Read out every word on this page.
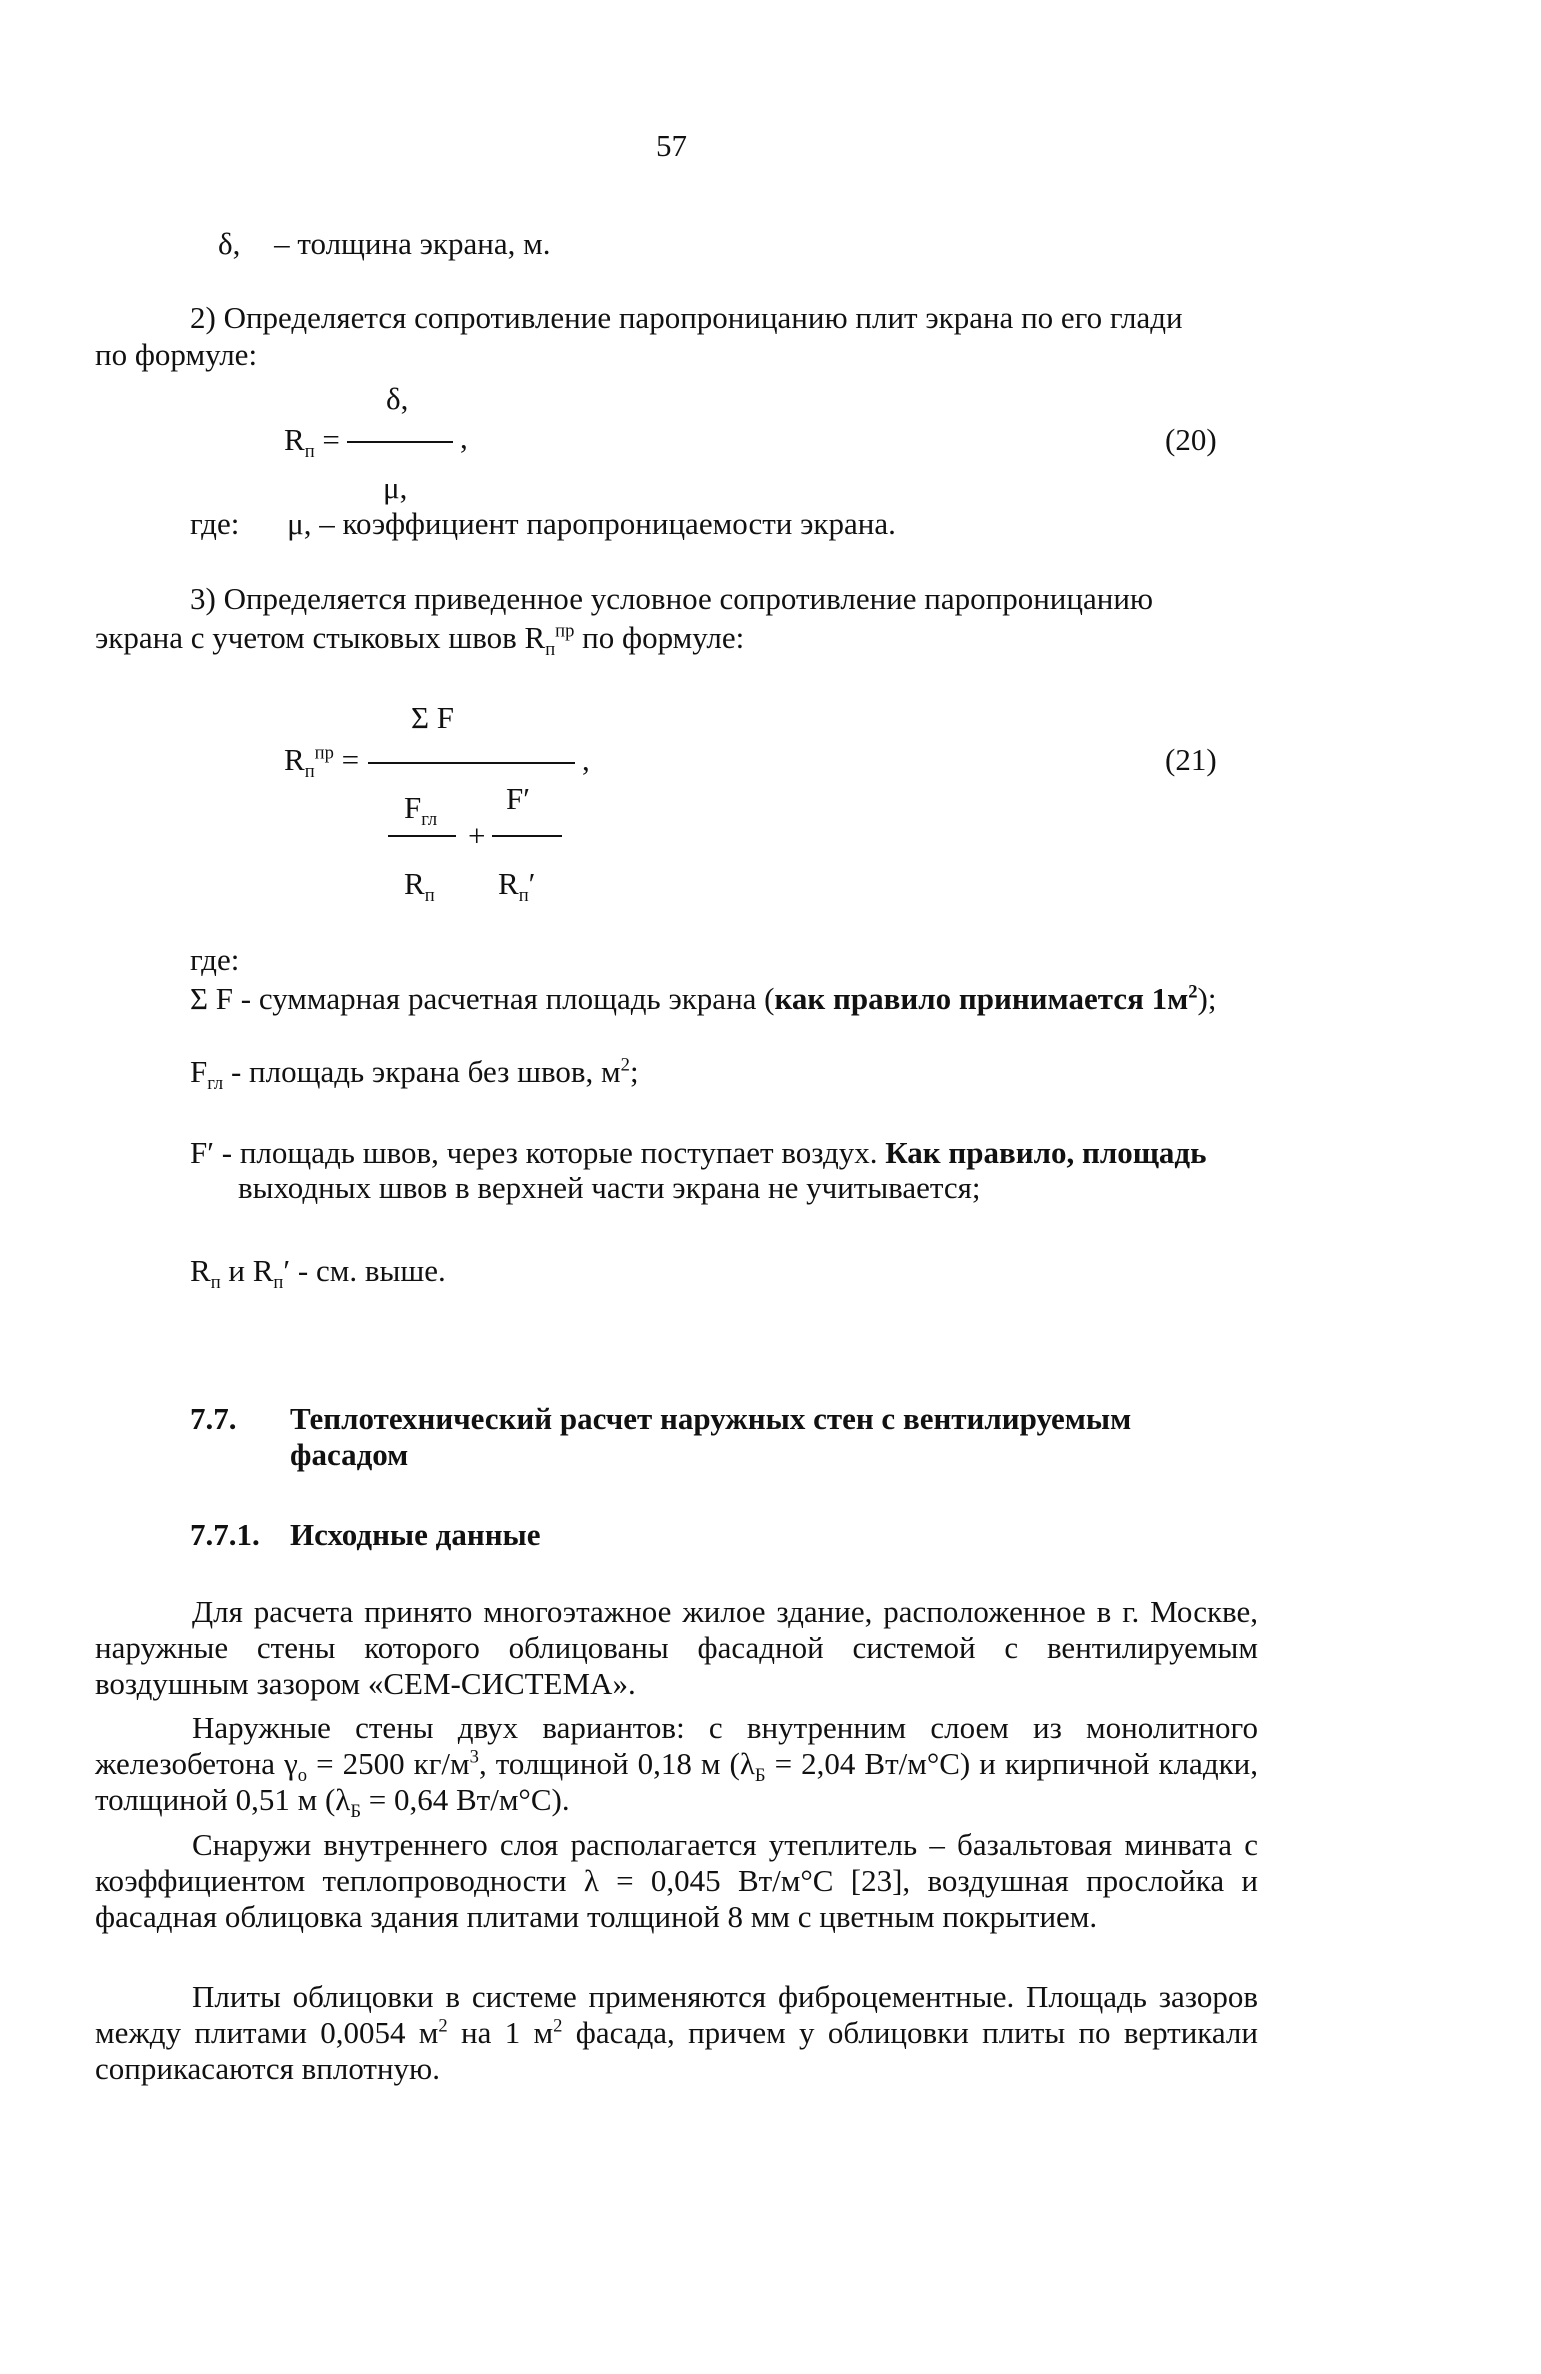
57
δ, – толщина экрана, м.
2) Определяется сопротивление паропроницанию плит экрана по его глади
по формуле:
δ,
$R_п$ =	,
μ,
(20)
где: μ, – коэффициент паропроницаемости экрана.
3) Определяется приведенное условное сопротивление паропроницанию
экрана с учетом стыковых швов $R_п^{пр}$ по формуле:
Σ F
$R_п^{пр}$ =	,	(21)
$F_{гл}$
F′
+
$R_п$ $R_п'$
где:
Σ F - суммарная расчетная площадь экрана (как правило принимается $1м^2$);
$F_{гл}$ - площадь экрана без швов, $м^2$;
F′ - площадь швов, через которые поступает воздух. Как правило, площадь
выходных швов в верхней части экрана не учитывается;
$R_п$ и $R_п'$ - см. выше.
7.7. Теплотехнический расчет наружных стен с вентилируемым
фасадом
7.7.1. Исходные данные
Для расчета принято многоэтажное жилое здание, расположенное в г. Москве, наружные стены которого облицованы фасадной системой с вентилируемым воздушным зазором «СЕМ-СИСТЕМА».
Наружные стены двух вариантов: с внутренним слоем из монолитного железобетона $\gamma_о = 2500$ $кг/м^3$, толщиной 0,18 м ($\lambda_Б = 2,04$ Вт/м°С) и кирпичной кладки, толщиной 0,51 м ($\lambda_Б = 0,64$ Вт/м°С).
Снаружи внутреннего слоя располагается утеплитель – базальтовая минвата с коэффициентом теплопроводности λ = 0,045 Вт/м°С [23], воздушная прослойка и фасадная облицовка здания плитами толщиной 8 мм с цветным покрытием.
Плиты облицовки в системе применяются фиброцементные. Площадь зазоров между плитами 0,0054 $м^2$ на 1 $м^2$ фасада, причем у облицовки плиты по вертикали соприкасаются вплотную.
